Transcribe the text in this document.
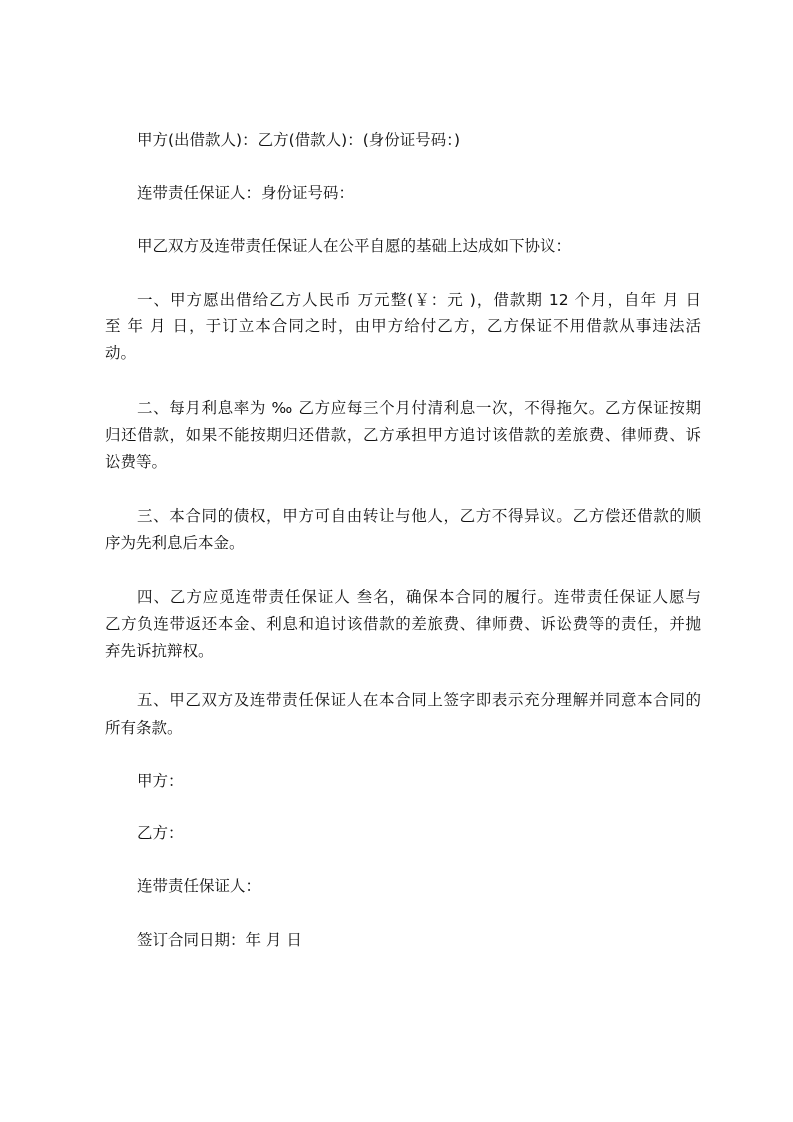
甲方(出借款人)：乙方(借款人)：(身份证号码：)
连带责任保证人：身份证号码：
甲乙双方及连带责任保证人在公平自愿的基础上达成如下协议：
一、甲方愿出借给乙方人民币 万元整(￥：元 )，借款期 12 个月，自年 月 日
至 年 月 日，于订立本合同之时，由甲方给付乙方，乙方保证不用借款从事违法活
动。
二、每月利息率为 ‰ 乙方应每三个月付清利息一次，不得拖欠。乙方保证按期
归还借款，如果不能按期归还借款，乙方承担甲方追讨该借款的差旅费、律师费、诉
讼费等。
三、本合同的债权，甲方可自由转让与他人，乙方不得异议。乙方偿还借款的顺
序为先利息后本金。
四、乙方应觅连带责任保证人 叁名，确保本合同的履行。连带责任保证人愿与
乙方负连带返还本金、利息和追讨该借款的差旅费、律师费、诉讼费等的责任，并抛
弃先诉抗辩权。
五、甲乙双方及连带责任保证人在本合同上签字即表示充分理解并同意本合同的
所有条款。
甲方：
乙方：
连带责任保证人：
签订合同日期：年 月 日
